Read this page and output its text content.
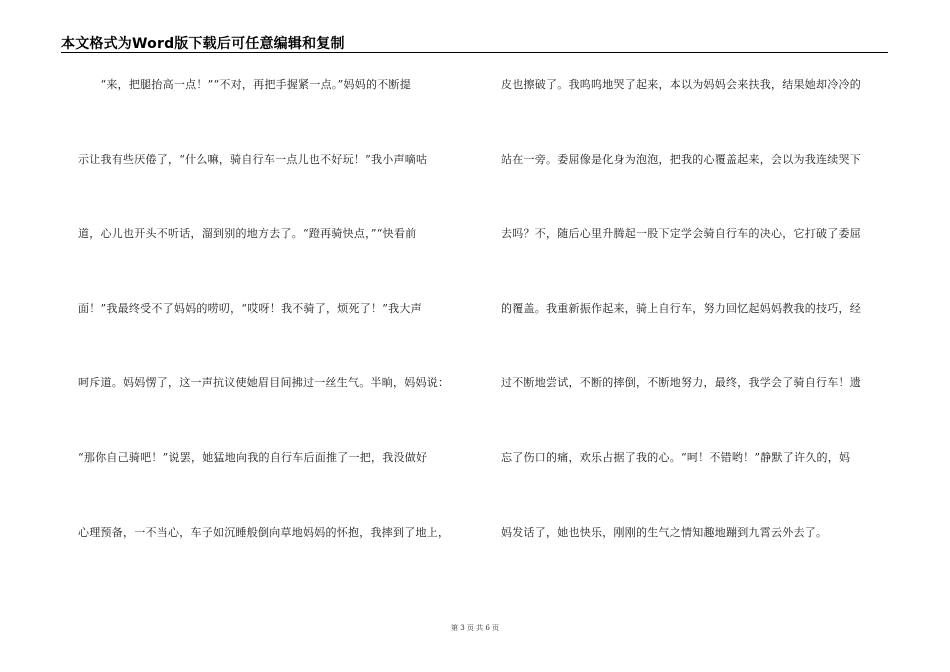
本文格式为Word版下载后可任意编辑和复制
　　“来，把腿抬高一点！”“不对，再把手握紧一点。”妈妈的不断提
示让我有些厌倦了，“什么嘛，骑自行车一点儿也不好玩！”我小声嘀咕
道，心儿也开头不听话，溜到别的地方去了。“蹬再骑快点，”“快看前
面！”我最终受不了妈妈的唠叨，“哎呀！我不骑了，烦死了！”我大声
呵斥道。妈妈愣了，这一声抗议使她眉目间拂过一丝生气。半晌，妈妈说：
“那你自己骑吧！”说罢，她猛地向我的自行车后面推了一把，我没做好
心理预备，一不当心，车子如沉睡般倒向草地妈妈的怀抱，我摔到了地上，
皮也擦破了。我呜呜地哭了起来，本以为妈妈会来扶我，结果她却冷冷的
站在一旁。委屈像是化身为泡泡，把我的心覆盖起来，会以为我连续哭下
去吗？不，随后心里升腾起一股下定学会骑自行车的决心，它打破了委屈
的覆盖。我重新振作起来，骑上自行车，努力回忆起妈妈教我的技巧，经
过不断地尝试，不断的摔倒，不断地努力，最终，我学会了骑自行车！遗
忘了伤口的痛，欢乐占据了我的心。“呵！不错哟！”静默了许久的，妈
妈发话了，她也快乐，刚刚的生气之情知趣地蹦到九霄云外去了。
第 3 页 共 6 页
